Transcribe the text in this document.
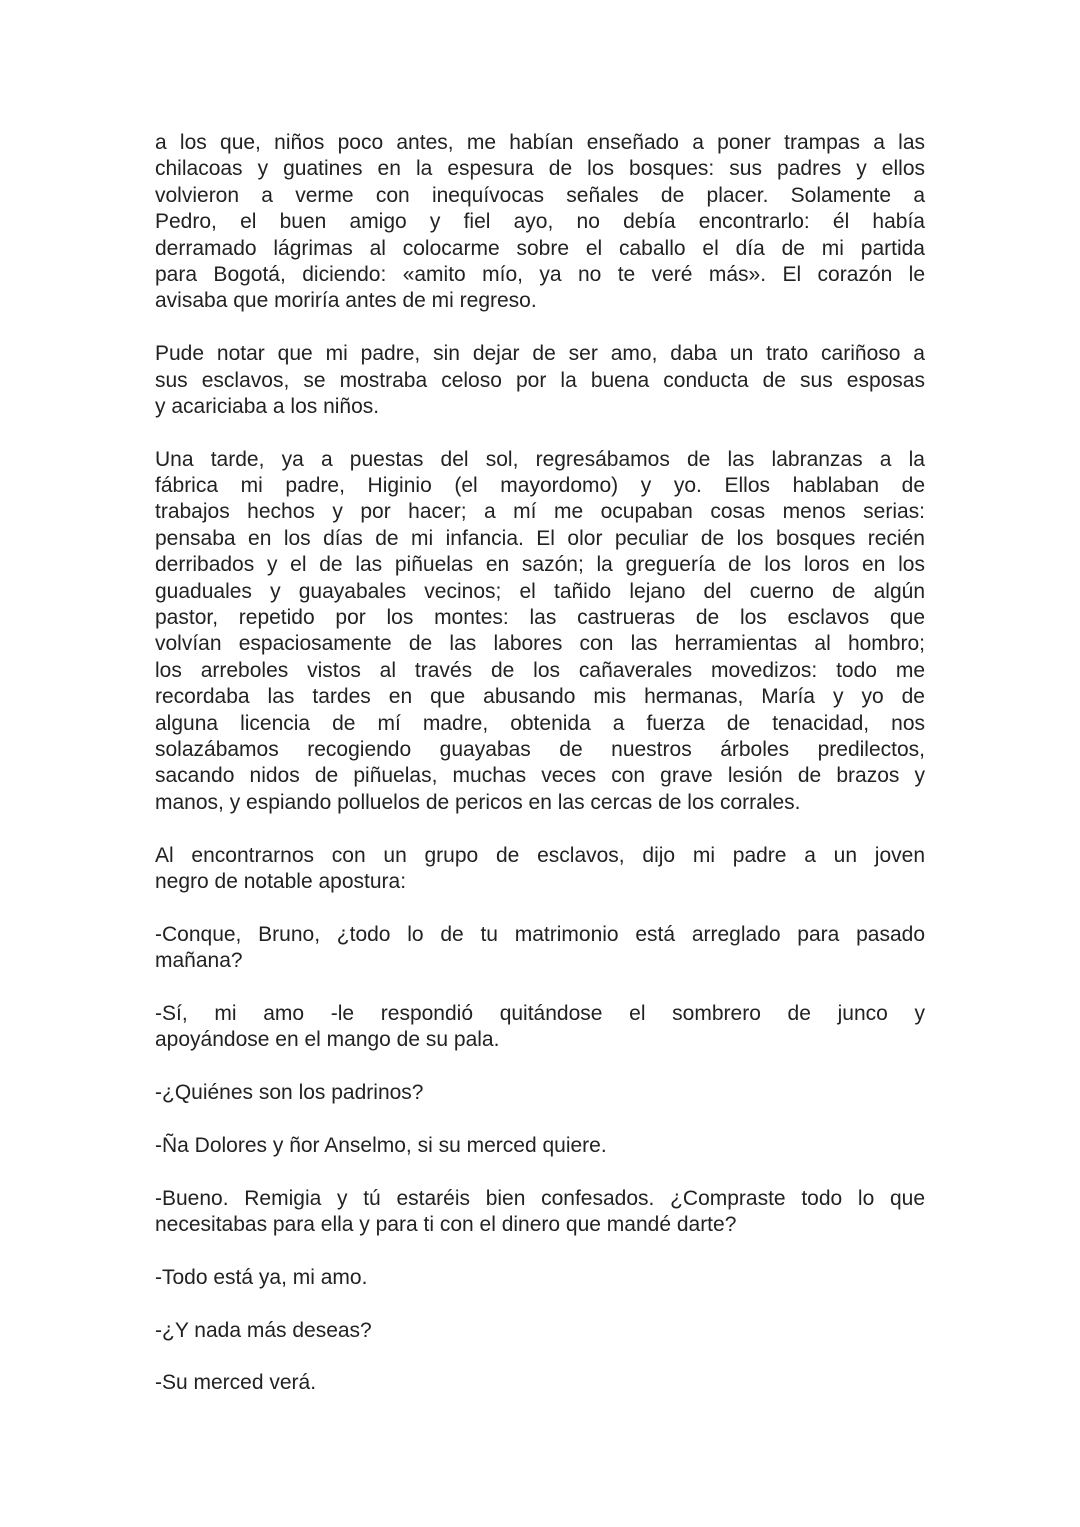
a los que, niños poco antes, me habían enseñado a poner trampas a las
chilacoas y guatines en la espesura de los bosques: sus padres y ellos
volvieron a verme con inequívocas señales de placer. Solamente a
Pedro, el buen amigo y fiel ayo, no debía encontrarlo: él había
derramado lágrimas al colocarme sobre el caballo el día de mi partida
para Bogotá, diciendo: «amito mío, ya no te veré más». El corazón le
avisaba que moriría antes de mi regreso.
Pude notar que mi padre, sin dejar de ser amo, daba un trato cariñoso a
sus esclavos, se mostraba celoso por la buena conducta de sus esposas
y acariciaba a los niños.
Una tarde, ya a puestas del sol, regresábamos de las labranzas a la
fábrica mi padre, Higinio (el mayordomo) y yo. Ellos hablaban de
trabajos hechos y por hacer; a mí me ocupaban cosas menos serias:
pensaba en los días de mi infancia. El olor peculiar de los bosques recién
derribados y el de las piñuelas en sazón; la greguería de los loros en los
guaduales y guayabales vecinos; el tañido lejano del cuerno de algún
pastor, repetido por los montes: las castrueras de los esclavos que
volvían espaciosamente de las labores con las herramientas al hombro;
los arreboles vistos al través de los cañaverales movedizos: todo me
recordaba las tardes en que abusando mis hermanas, María y yo de
alguna licencia de mí madre, obtenida a fuerza de tenacidad, nos
solazábamos recogiendo guayabas de nuestros árboles predilectos,
sacando nidos de piñuelas, muchas veces con grave lesión de brazos y
manos, y espiando polluelos de pericos en las cercas de los corrales.
Al encontrarnos con un grupo de esclavos, dijo mi padre a un joven
negro de notable apostura:
-Conque, Bruno, ¿todo lo de tu matrimonio está arreglado para pasado
mañana?
-Sí, mi amo -le respondió quitándose el sombrero de junco y
apoyándose en el mango de su pala.
-¿Quiénes son los padrinos?
-Ña Dolores y ñor Anselmo, si su merced quiere.
-Bueno. Remigia y tú estaréis bien confesados. ¿Compraste todo lo que
necesitabas para ella y para ti con el dinero que mandé darte?
-Todo está ya, mi amo.
-¿Y nada más deseas?
-Su merced verá.
